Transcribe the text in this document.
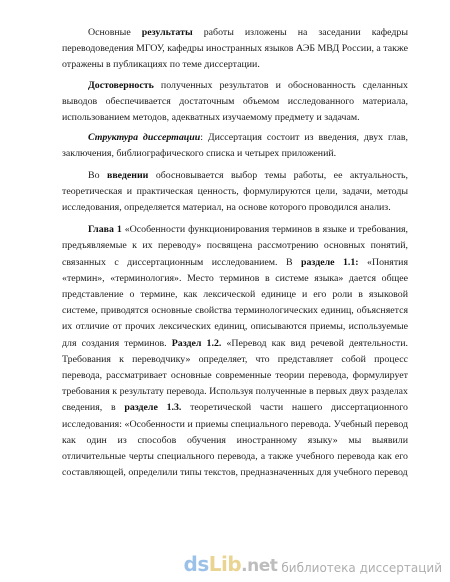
Основные результаты работы изложены на заседании кафедры переводоведения МГОУ, кафедры иностранных языков АЭБ МВД России, а также отражены в публикациях по теме диссертации.

Достоверность полученных результатов и обоснованность сделанных выводов обеспечивается достаточным объемом исследованного материала, использованием методов, адекватных изучаемому предмету и задачам.

Структура диссертации: Диссертация состоит из введения, двух глав, заключения, библиографического списка и четырех приложений.

Во введении обосновывается выбор темы работы, ее актуальность, теоретическая и практическая ценность, формулируются цели, задачи, методы исследования, определяется материал, на основе которого проводился анализ.

Глава 1 «Особенности функционирования терминов в языке и требования, предъявляемые к их переводу» посвящена рассмотрению основных понятий, связанных с диссертационным исследованием. В разделе 1.1: «Понятия «термин», «терминология». Место терминов в системе языка» дается общее представление о термине, как лексической единице и его роли в языковой системе, приводятся основные свойства терминологических единиц, объясняется их отличие от прочих лексических единиц, описываются приемы, используемые для создания терминов. Раздел 1.2. «Перевод как вид речевой деятельности. Требования к переводчику» определяет, что представляет собой процесс перевода, рассматривает основные современные теории перевода, формулирует требования к результату перевода. Используя полученные в первых двух разделах сведения, в разделе 1.3. теоретической части нашего диссертационного исследования: «Особенности и приемы специального перевода. Учебный перевод как один из способов обучения иностранному языку» мы выявили отличительные черты специального перевода, а также учебного перевода как его составляющей, определили типы текстов, предназначенных для учебного перевод

dsLib.net библиотека диссертаций
